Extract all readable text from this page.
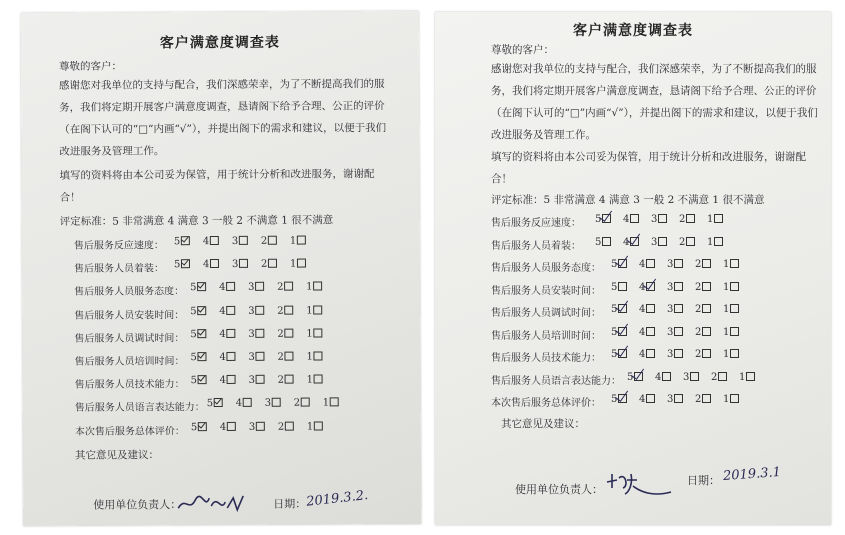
客户满意度调查表
尊敬的客户：
感谢您对我单位的支持与配合，我们深感荣幸，为了不断提高我们的服务，我们将定期开展客户满意度调查，恳请阁下给予合理、公正的评价（在阁下认可的“□”内画“√”），并提出阁下的需求和建议，以便于我们改进服务及管理工作。
填写的资料将由本公司妥为保管，用于统计分析和改进服务，谢谢配合！
评定标准：5 非常满意 4 满意 3 一般 2 不满意 1 很不满意
售后服务反应速度： 5	4	3	2	1
售后服务人员着装： 5	4	3	2	1
售后服务人员服务态度： 5	4	3	2	1
售后服务人员安装时间： 5	4	3	2	1
售后服务人员调试时间： 5	4	3	2	1
售后服务人员培训时间： 5	4	3	2	1
售后服务人员技术能力： 5	4	3	2	1
售后服务人员语言表达能力： 5	4	3	2	1
本次售后服务总体评价： 5	4	3	2	1
其它意见及建议：
使用单位负责人：	日期： 2019.3.2.
客户满意度调查表
尊敬的客户：
感谢您对我单位的支持与配合，我们深感荣幸，为了不断提高我们的服务，我们将定期开展客户满意度调查，恳请阁下给予合理、公正的评价（在阁下认可的“□”内画“√”），并提出阁下的需求和建议，以便于我们改进服务及管理工作。
填写的资料将由本公司妥为保管，用于统计分析和改进服务，谢谢配合！
评定标准：5 非常满意 4 满意 3 一般 2 不满意 1 很不满意
售后服务反应速度： 5	4	3	2	1
售后服务人员着装： 5	4	3	2	1
售后服务人员服务态度： 5	4	3	2	1
售后服务人员安装时间： 5	4	3	2	1
售后服务人员调试时间： 5	4	3	2	1
售后服务人员培训时间： 5	4	3	2	1
售后服务人员技术能力： 5	4	3	2	1
售后服务人员语言表达能力： 5	4	3	2	1
本次售后服务总体评价： 5	4	3	2	1
其它意见及建议：
使用单位负责人：
日期： 2019.3.1
